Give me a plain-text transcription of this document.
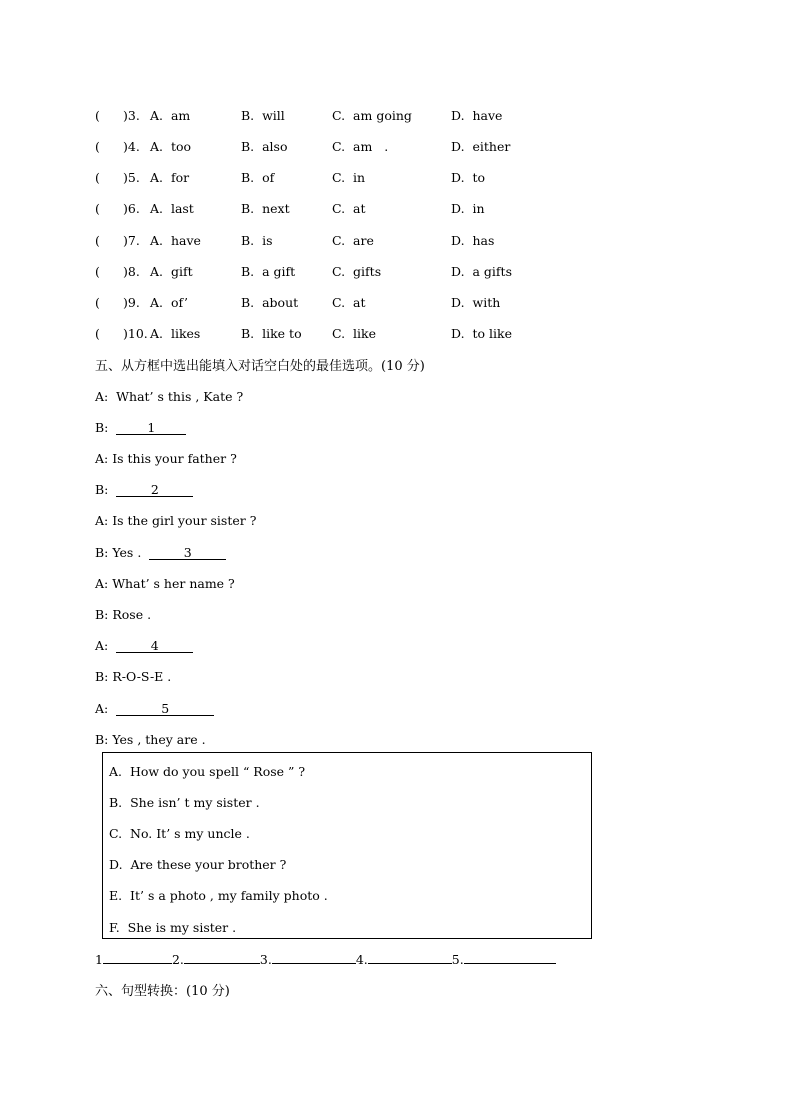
( )3. A.  am	B.  will	C.  am going	D.  have
( )4. A.  too	B.  also	C.  am   .	D.  either
( )5. A.  for	B.  of	C.  in	D.  to
( )6. A.  last	B.  next	C.  at	D.  in
( )7. A.  have	B.  is	C.  are	D.  has
( )8. A.  gift	B.  a gift	C.  gifts	D.  a gifts
( )9. A.  of’	B.  about	C.  at	D.  with
( )10. A.  likes	B.  like to C.  like	D.  to like
五、从方框中选出能填入对话空白处的最佳选项。(10 分)
A:  What’ s this , Kate ?
B:  1
A: Is this your father ?
B:	2
A: Is the girl your sister ?
B: Yes .	3
A: What’ s her name ?
B: Rose .
A:	4
B: R-O-S-E .
A:	5
B: Yes , they are .
A.  How do you spell “ Rose ” ?
B.  She isn’ t my sister .
C.  No. It’ s my uncle .
D.  Are these your brother ?
E.  It’ s a photo , my family photo .
F.  She is my sister .
1	2.	3.	4.	5.
六、句型转换：(10 分)
